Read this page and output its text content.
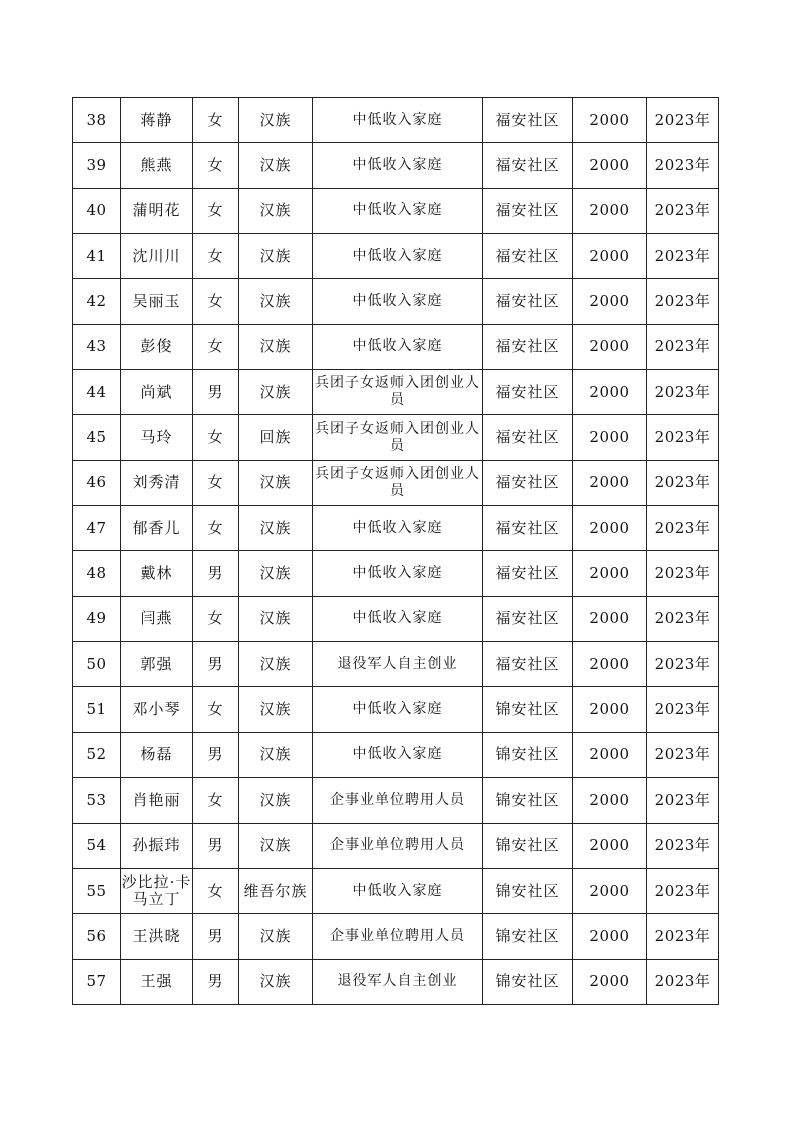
38	蒋静	女	汉族	中低收入家庭	福安社区	2000	2023年
39	熊燕	女	汉族	中低收入家庭	福安社区	2000	2023年
40	蒲明花	女	汉族	中低收入家庭	福安社区	2000	2023年
41	沈川川	女	汉族	中低收入家庭	福安社区	2000	2023年
42	吴丽玉	女	汉族	中低收入家庭	福安社区	2000	2023年
43	彭俊	女	汉族	中低收入家庭	福安社区	2000	2023年
44	尚斌	男	汉族	兵团子女返师入团创业人员	福安社区	2000	2023年
45	马玲	女	回族	兵团子女返师入团创业人员	福安社区	2000	2023年
46	刘秀清	女	汉族	兵团子女返师入团创业人员	福安社区	2000	2023年
47	郁香儿	女	汉族	中低收入家庭	福安社区	2000	2023年
48	戴林	男	汉族	中低收入家庭	福安社区	2000	2023年
49	闫燕	女	汉族	中低收入家庭	福安社区	2000	2023年
50	郭强	男	汉族	退役军人自主创业	福安社区	2000	2023年
51	邓小琴	女	汉族	中低收入家庭	锦安社区	2000	2023年
52	杨磊	男	汉族	中低收入家庭	锦安社区	2000	2023年
53	肖艳丽	女	汉族	企事业单位聘用人员	锦安社区	2000	2023年
54	孙振玮	男	汉族	企事业单位聘用人员	锦安社区	2000	2023年
55	沙比拉·卡马立丁	女	维吾尔族	中低收入家庭	锦安社区	2000	2023年
56	王洪晓	男	汉族	企事业单位聘用人员	锦安社区	2000	2023年
57	王强	男	汉族	退役军人自主创业	锦安社区	2000	2023年
